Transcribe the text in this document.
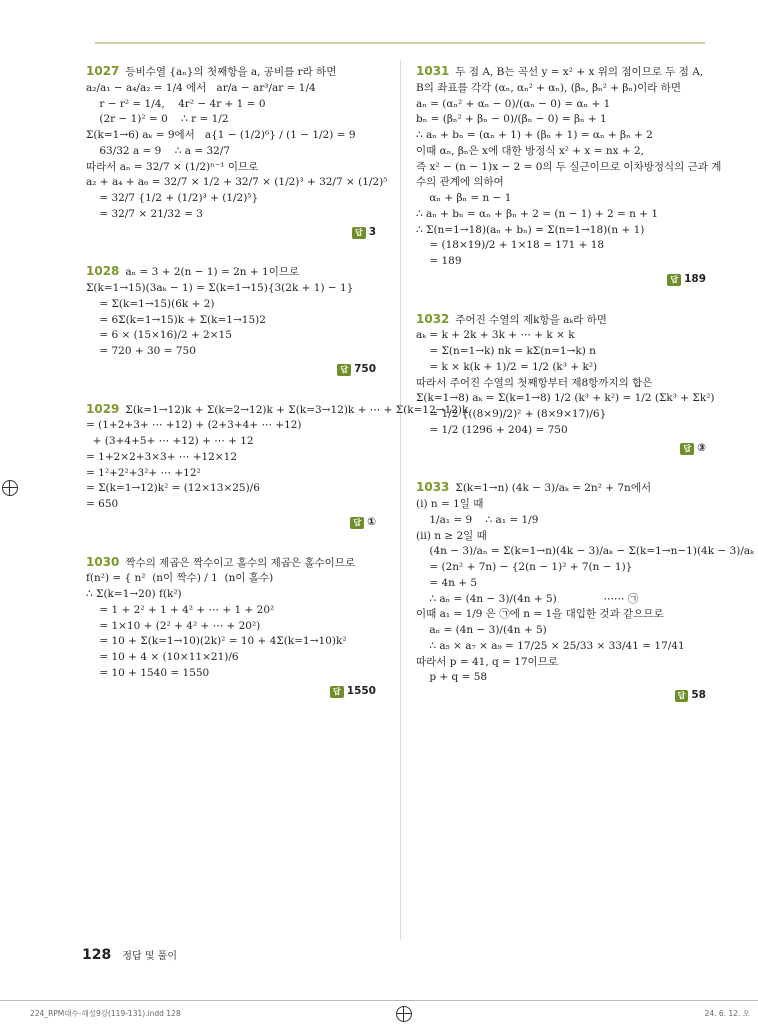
1027 등비수열 {aₙ}의 첫째항을 a, 공비를 r라 하면
a₂/a₁ − a₄/a₂ = 1/4 에서   ar/a − ar³/ar = 1/4
r − r² = 1/4,    4r² − 4r + 1 = 0
(2r − 1)² = 0    ∴ r = 1/2
Σ(k=1→6) aₖ = 9에서   a{1 − (1/2)⁶} / (1 − 1/2) = 9
63/32 a = 9    ∴ a = 32/7
따라서 aₙ = 32/7 × (1/2)ⁿ⁻¹ 이므로
a₂ + a₄ + a₆ = 32/7 × 1/2 + 32/7 × (1/2)³ + 32/7 × (1/2)⁵
= 32/7 {1/2 + (1/2)³ + (1/2)⁵}
= 32/7 × 21/32 = 3
답 3
1028 aₙ = 3 + 2(n − 1) = 2n + 1이므로
Σ(k=1→15)(3aₖ − 1) = Σ(k=1→15){3(2k + 1) − 1}
= Σ(k=1→15)(6k + 2)
= 6Σ(k=1→15)k + Σ(k=1→15)2
= 6 × (15×16)/2 + 2×15
= 720 + 30 = 750
답 750
1029 Σ(k=1→12)k + Σ(k=2→12)k + Σ(k=3→12)k + ⋯ + Σ(k=12→12)k
= (1+2+3+ ⋯ +12) + (2+3+4+ ⋯ +12)
+ (3+4+5+ ⋯ +12) + ⋯ + 12
= 1+2×2+3×3+ ⋯ +12×12
= 1²+2²+3²+ ⋯ +12²
= Σ(k=1→12)k² = (12×13×25)/6
= 650
답 ①
1030 짝수의 제곱은 짝수이고 홀수의 제곱은 홀수이므로
f(n²) = { n²  (n이 짝수) / 1  (n이 홀수)
∴ Σ(k=1→20) f(k²)
= 1 + 2² + 1 + 4² + ⋯ + 1 + 20²
= 1×10 + (2² + 4² + ⋯ + 20²)
= 10 + Σ(k=1→10)(2k)² = 10 + 4Σ(k=1→10)k²
= 10 + 4 × (10×11×21)/6
= 10 + 1540 = 1550
답 1550
1031 두 점 A, B는 곡선 y = x² + x 위의 점이므로 두 점 A,
B의 좌표를 각각 (αₙ, αₙ² + αₙ), (βₙ, βₙ² + βₙ)이라 하면
aₙ = (αₙ² + αₙ − 0)/(αₙ − 0) = αₙ + 1
bₙ = (βₙ² + βₙ − 0)/(βₙ − 0) = βₙ + 1
∴ aₙ + bₙ = (αₙ + 1) + (βₙ + 1) = αₙ + βₙ + 2
이때 αₙ, βₙ은 x에 대한 방정식 x² + x = nx + 2,
즉 x² − (n − 1)x − 2 = 0의 두 실근이므로 이차방정식의 근과 계
수의 관계에 의하여
αₙ + βₙ = n − 1
∴ aₙ + bₙ = αₙ + βₙ + 2 = (n − 1) + 2 = n + 1
∴ Σ(n=1→18)(aₙ + bₙ) = Σ(n=1→18)(n + 1)
= (18×19)/2 + 1×18 = 171 + 18
= 189
답 189
1032 주어진 수열의 제k항을 aₖ라 하면
aₖ = k + 2k + 3k + ⋯ + k × k
= Σ(n=1→k) nk = kΣ(n=1→k) n
= k × k(k + 1)/2 = 1/2 (k³ + k²)
따라서 주어진 수열의 첫째항부터 제8항까지의 합은
Σ(k=1→8) aₖ = Σ(k=1→8) 1/2 (k³ + k²) = 1/2 (Σk³ + Σk²)
= 1/2 {((8×9)/2)² + (8×9×17)/6}
= 1/2 (1296 + 204) = 750
답 ③
1033 Σ(k=1→n) (4k − 3)/aₖ = 2n² + 7n에서
(i) n = 1일 때
1/a₁ = 9    ∴ a₁ = 1/9
(ii) n ≥ 2일 때
(4n − 3)/aₙ = Σ(k=1→n)(4k − 3)/aₖ − Σ(k=1→n−1)(4k − 3)/aₖ
= (2n² + 7n) − {2(n − 1)² + 7(n − 1)}
= 4n + 5
∴ aₙ = (4n − 3)/(4n + 5)              ⋯⋯ ㉠
이때 a₁ = 1/9 은 ㉠에 n = 1을 대입한 것과 같으므로
aₙ = (4n − 3)/(4n + 5)
∴ a₅ × a₇ × a₉ = 17/25 × 25/33 × 33/41 = 17/41
따라서 p = 41, q = 17이므로
p + q = 58
답 58
128 정답 및 풀이
224_RPM대수-해설9강(119-131).indd 128	24. 6. 12. 오
